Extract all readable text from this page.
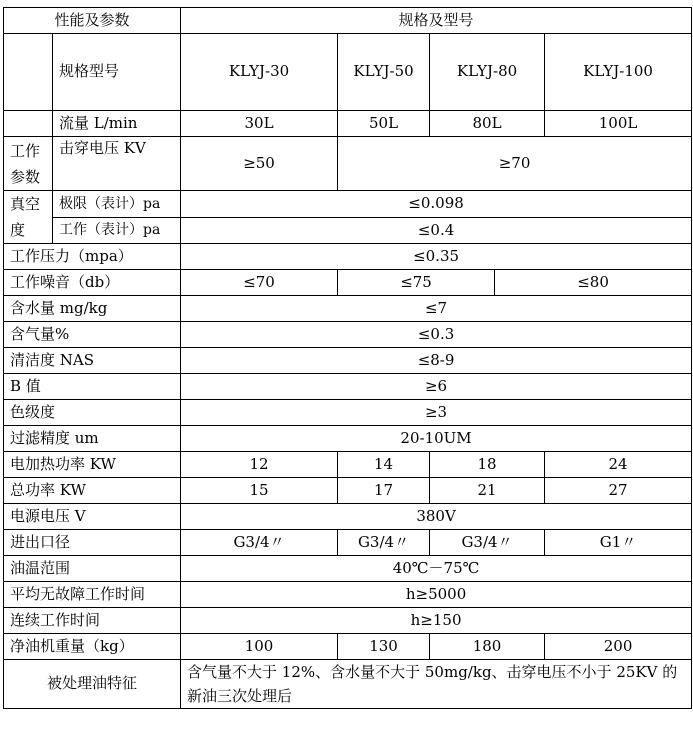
性能及参数		规格及型号				
	规格型号	KLYJ-30	KLYJ-50	KLYJ-80		KLYJ-100
	流量 L/min	30L	50L	80L		100L

工作
参数	击穿电压 KV	≥50	≥70			

真空
度	极限（表计）pa	≤0.098				
	工作（表计）pa	≤0.4				
工作压力（mpa）		≤0.35				
工作噪音（db）		≤70	≤75		≤80	
含水量 mg/kg		≤7				
含气量%		≤0.3				
清洁度 NAS		≤8-9				
B 值		≥6				
色级度		≥3				
过滤精度 um		20-10UM				
电加热功率 KW		12	14	18		24
总功率 KW		15	17	21		27
电源电压 V		380V				
进出口径		G3/4〃	G3/4〃	G3/4〃		G1〃
油温范围		40℃－75℃				
平均无故障工作时间		h≥5000				
连续工作时间		h≥150				
净油机重量（kg）		100	130	180		200
被处理油特征		含气量不大于 12%、含水量不大于 50mg/kg、击穿电压不小于 25KV 的新油三次处理后				
